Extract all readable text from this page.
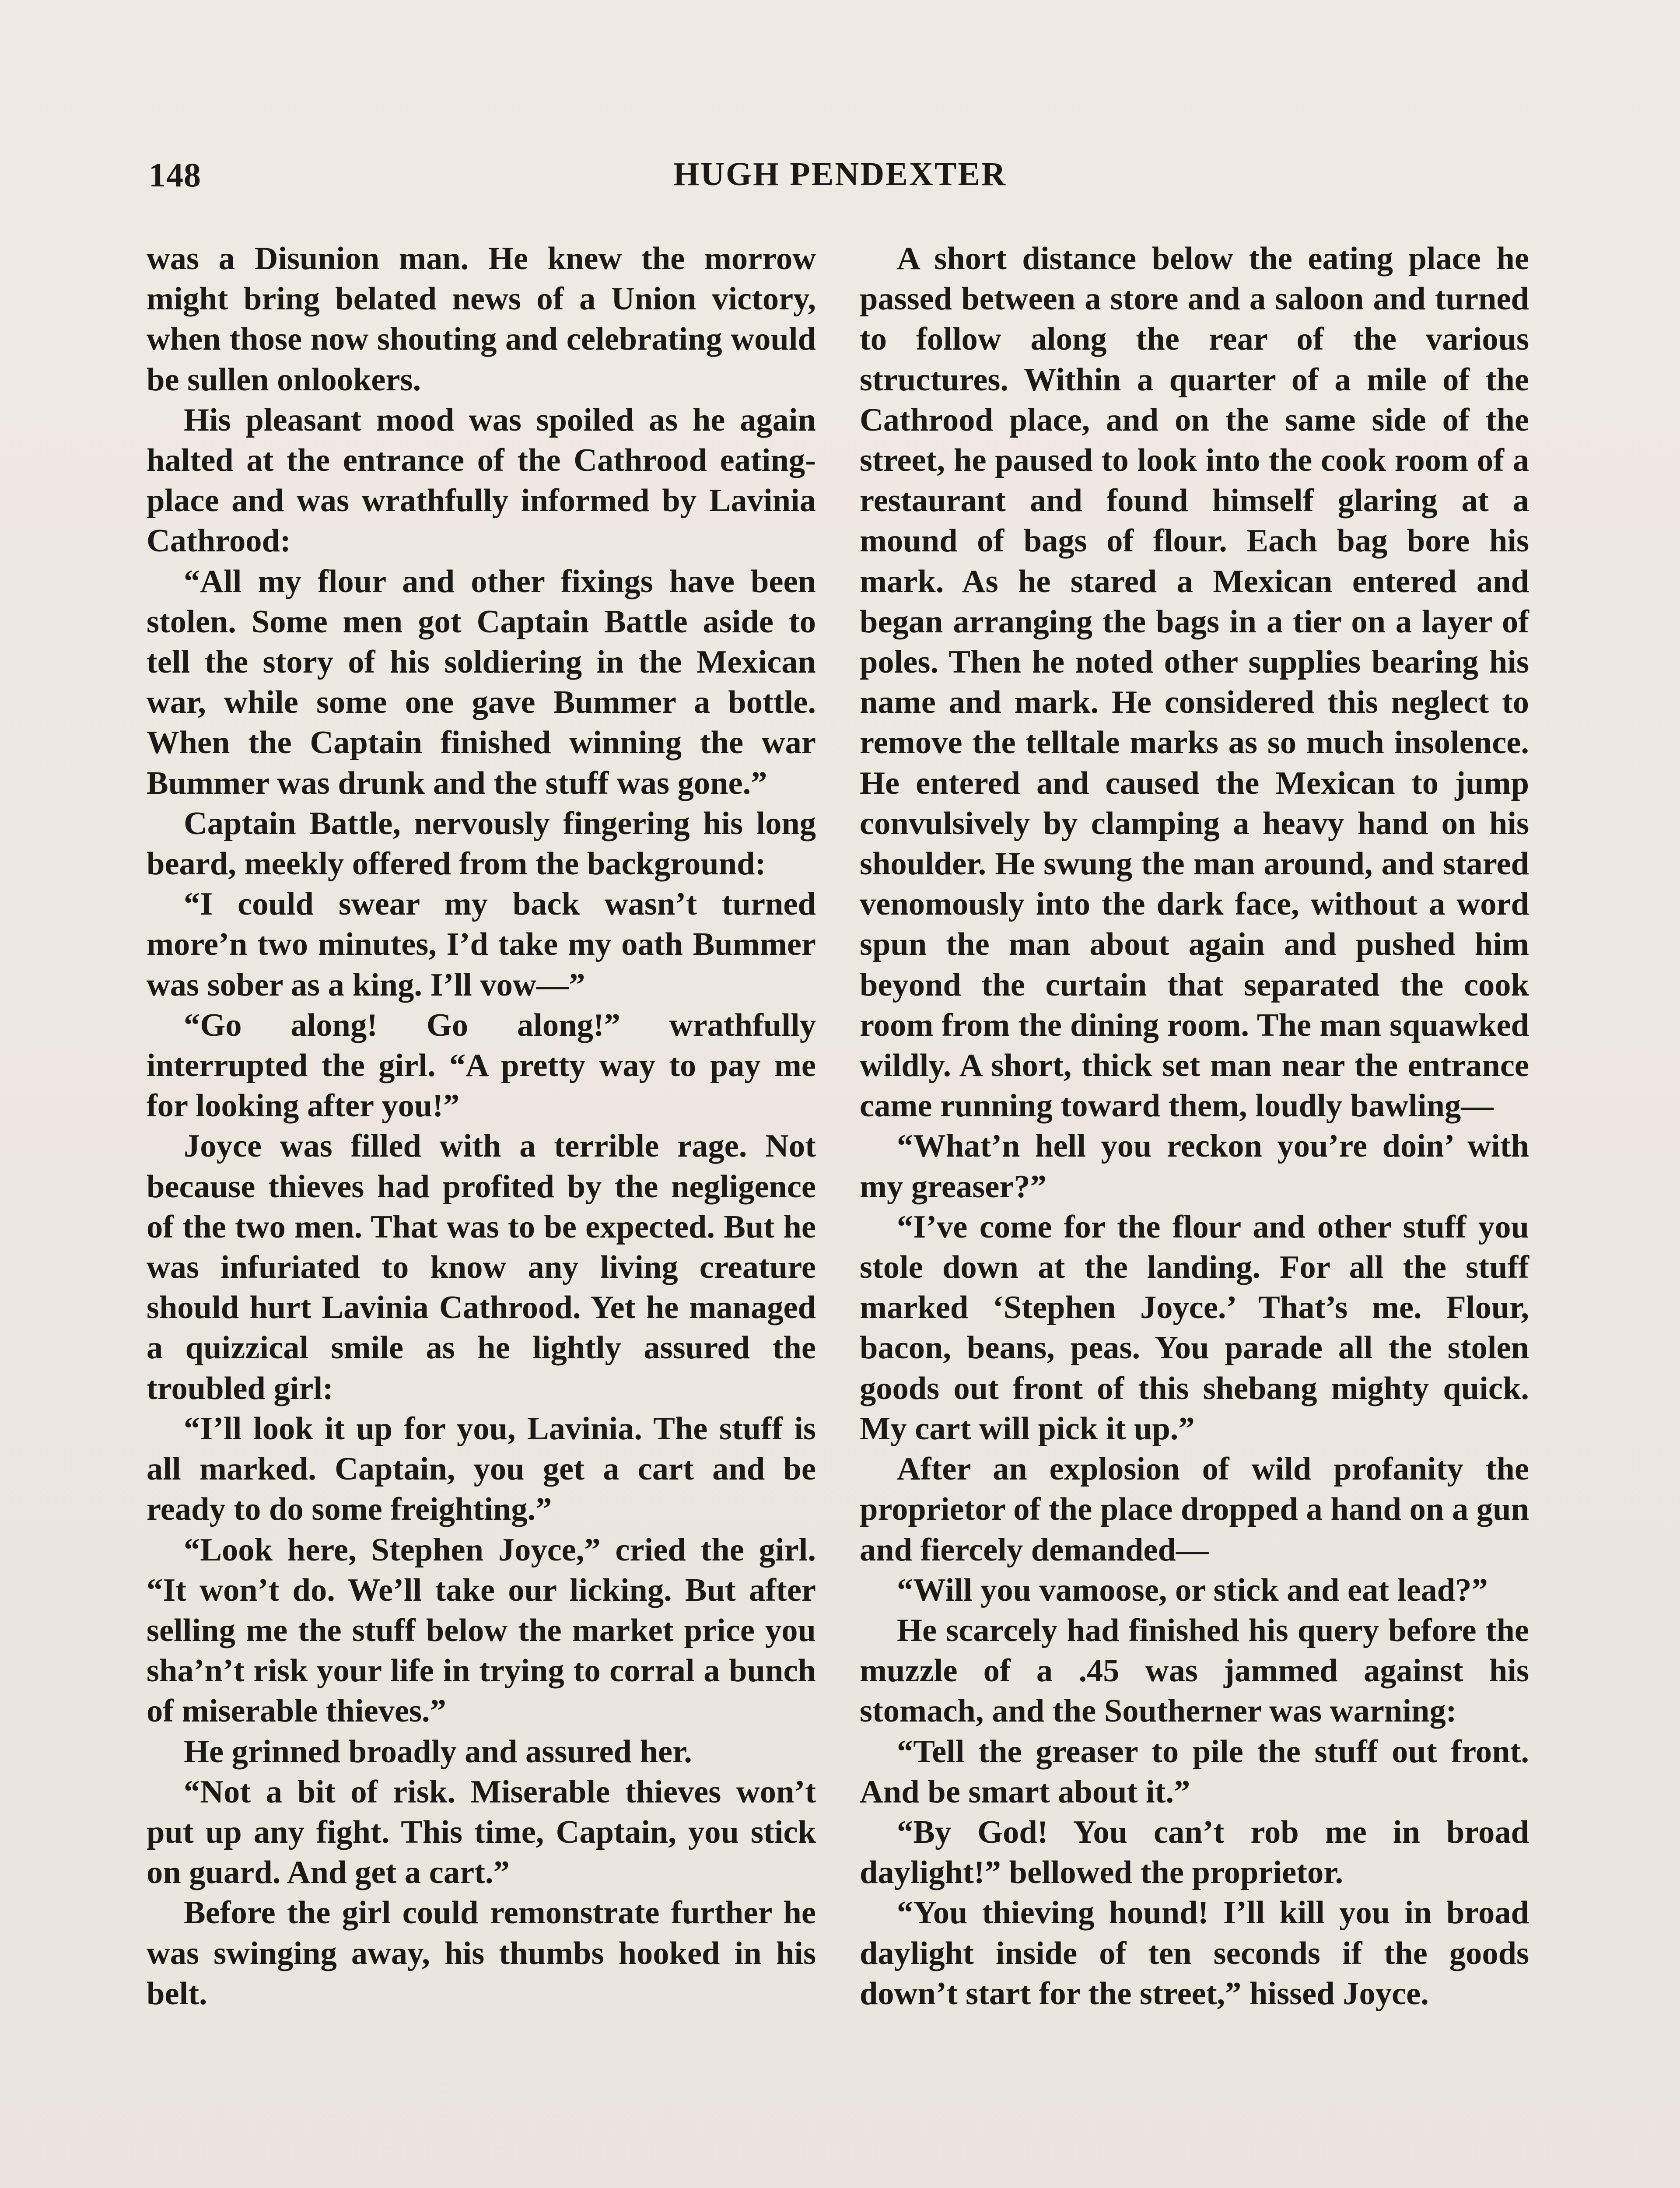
148	HUGH PENDEXTER

was a Disunion man. He knew the morrow might bring belated news of a Union victory, when those now shouting and celebrating would be sullen onlookers.

His pleasant mood was spoiled as he again halted at the entrance of the Cathrood eating-place and was wrathfully informed by Lavinia Cathrood:

“All my flour and other fixings have been stolen. Some men got Captain Battle aside to tell the story of his soldiering in the Mexican war, while some one gave Bummer a bottle. When the Captain finished winning the war Bummer was drunk and the stuff was gone.”

Captain Battle, nervously fingering his long beard, meekly offered from the background:

“I could swear my back wasn’t turned more’n two minutes, I’d take my oath Bummer was sober as a king. I’ll vow—”

“Go along! Go along!” wrathfully interrupted the girl. “A pretty way to pay me for looking after you!”

Joyce was filled with a terrible rage. Not because thieves had profited by the negligence of the two men. That was to be expected. But he was infuriated to know any living creature should hurt Lavinia Cathrood. Yet he managed a quizzical smile as he lightly assured the troubled girl:

“I’ll look it up for you, Lavinia. The stuff is all marked. Captain, you get a cart and be ready to do some freighting.”

“Look here, Stephen Joyce,” cried the girl. “It won’t do. We’ll take our licking. But after selling me the stuff below the market price you sha’n’t risk your life in trying to corral a bunch of miserable thieves.”

He grinned broadly and assured her.

“Not a bit of risk. Miserable thieves won’t put up any fight. This time, Captain, you stick on guard. And get a cart.”

Before the girl could remonstrate further he was swinging away, his thumbs hooked in his belt.

A short distance below the eating place he passed between a store and a saloon and turned to follow along the rear of the various structures. Within a quarter of a mile of the Cathrood place, and on the same side of the street, he paused to look into the cook room of a restaurant and found himself glaring at a mound of bags of flour. Each bag bore his mark. As he stared a Mexican entered and began arranging the bags in a tier on a layer of poles. Then he noted other supplies bearing his name and mark. He considered this neglect to remove the telltale marks as so much insolence. He entered and caused the Mexican to jump convulsively by clamping a heavy hand on his shoulder. He swung the man around, and stared venomously into the dark face, without a word spun the man about again and pushed him beyond the curtain that separated the cook room from the dining room. The man squawked wildly. A short, thick set man near the entrance came running toward them, loudly bawling—

“What’n hell you reckon you’re doin’ with my greaser?”

“I’ve come for the flour and other stuff you stole down at the landing. For all the stuff marked ‘Stephen Joyce.’ That’s me. Flour, bacon, beans, peas. You parade all the stolen goods out front of this shebang mighty quick. My cart will pick it up.”

After an explosion of wild profanity the proprietor of the place dropped a hand on a gun and fiercely demanded—

“Will you vamoose, or stick and eat lead?”

He scarcely had finished his query before the muzzle of a .45 was jammed against his stomach, and the Southerner was warning:

“Tell the greaser to pile the stuff out front. And be smart about it.”

“By God! You can’t rob me in broad daylight!” bellowed the proprietor.

“You thieving hound! I’ll kill you in broad daylight inside of ten seconds if the goods down’t start for the street,” hissed Joyce.
